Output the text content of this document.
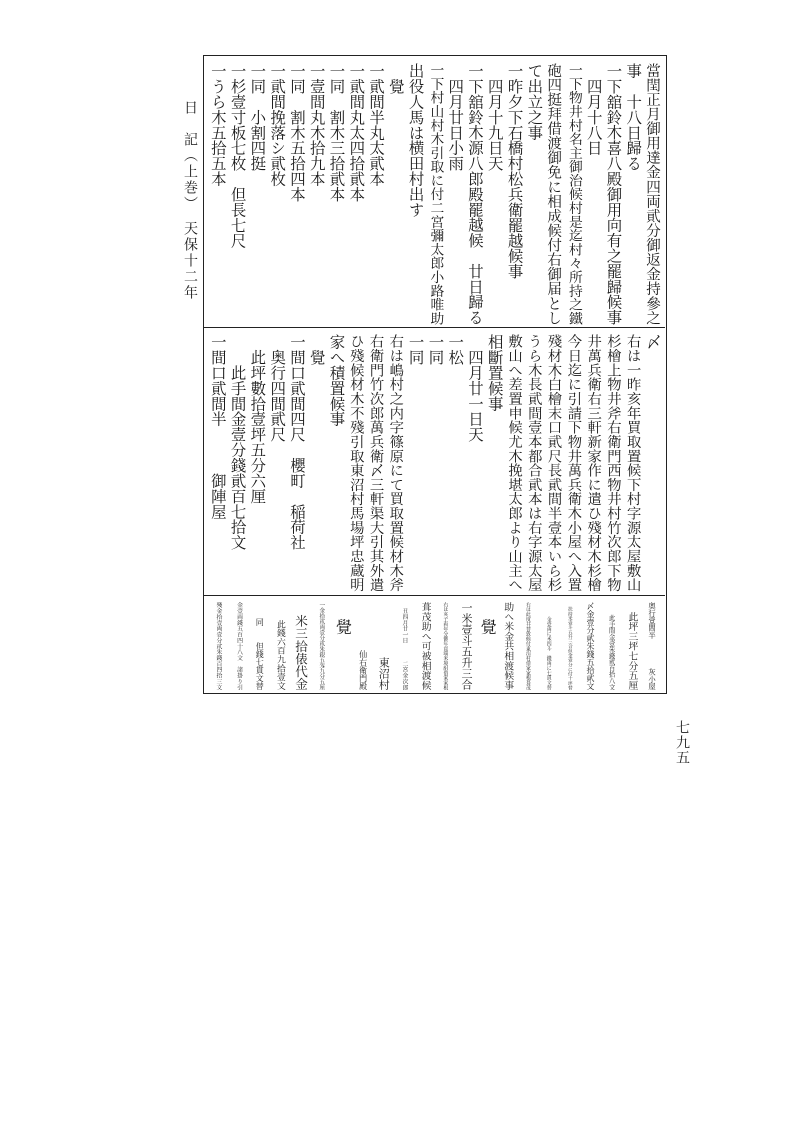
日　記（上巻）　天保十二年
七九五
當閏正月御用達金四両貮分御返金持參之
事　十八日歸る
一下舘鈴木喜八殿御用向有之罷歸候事
　四月十八日
一下物井村名主御治候村是迄村々所持之鐵
砲四挺拜借渡御免に相成候付右御届とし
て出立之事
一昨夕下石橋村松兵衛罷越候事
　四月十九日天
一下舘鈴木源八郎殿罷越候　廿日歸る
　四月廿日小雨
一下村山村木引取に付二宮彌太郎小路唯助
出役人馬は横田村出す
　覺
一貮間半丸太貮本
一貮間丸太四拾貮本
一同　割木三拾貮本
一壹間丸木拾九本
一同　割木五拾四本
一貮間挽落シ貮枚
一同　小割四挺
一杉壹寸板七枚　但長七尺
一うら木五拾五本
〆
右は一昨亥年買取置候下村字源太屋敷山
杉檜上物井斧右衛門西物井村竹次郎下物
井萬兵衛右三軒新家作に遣ひ殘材木杉檜
今日迄に引請下物井萬兵衛木小屋へ入置
殘材木白檜末口貮尺長貮間半壹本いら杉
うら木長貮間壹本都合貮本は右字源太屋
敷山へ差置申候尤木挽堪太郎より山主へ
相斷置候事
　四月廿一日天
一松
一同
一同
右は嶋村之内字篠原にて買取置候材木斧
右衛門竹次郎萬兵衛〆三軒渠大引其外遣
ひ殘候材木不殘引取東沼村馬場坪忠蔵明
家へ積置候事
　覺
一間口貮間四尺　櫻町　稲荷社
　奥行四間貮尺
　此坪數拾壹坪五分六厘
　　此手間金壹分錢貮百七拾文
一間口貮間半　　　御陣屋
奥行壹間半　　　　灰小屋
　此坪三坪七分五厘
　　此手間金壹朱錢貮百拾八文
〆金壹分貮朱錢五拾貮文
　扶持米壹斗五升三合但金壹分に付十坪替
　　　金壹両に米四斗　錢両に七貫文替
右は此度井替致候付東沼村借家家根葺茂
助へ米金共相渡候事
　覺
一米壹斗五升三合
右は亥子両年分御年貢端米境組借家家根
葺茂助へ可被相渡候
　丑四月廿一日　　　二宮金次郎
　　　　　東沼村
　　　　　　仙右衛門殿
　覺
一金拾貮両壹分貮朱銀五匁九分五厘
　米三拾俵代金
　　此錢六百九拾壹文
　　同　　但錢七貫文替
金壹両錢五百四十八文　諸掛り引
殘金拾壹両壹分貮朱錢百四拾三文
